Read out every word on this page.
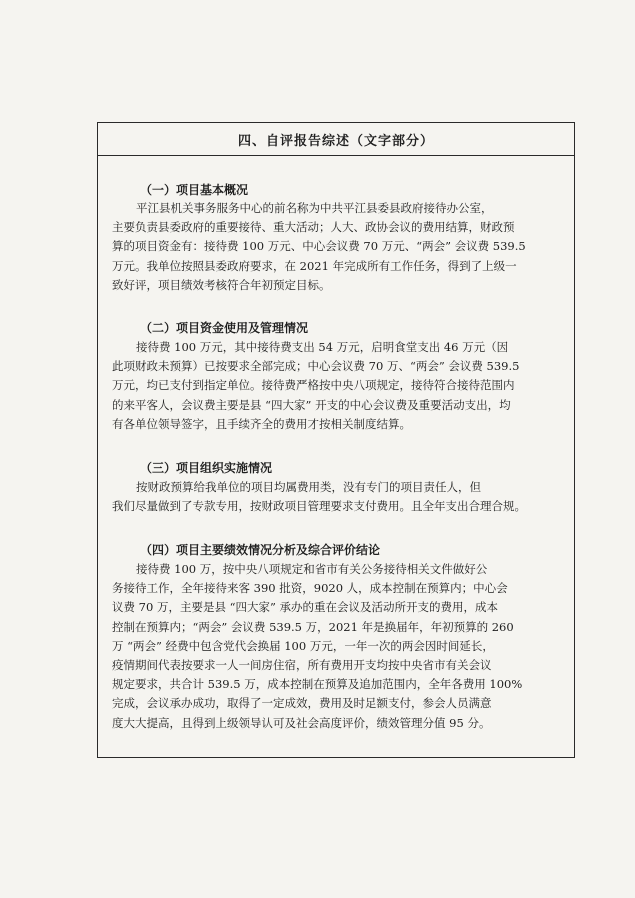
四、自评报告综述（文字部分）
（一）项目基本概况
平江县机关事务服务中心的前名称为中共平江县委县政府接待办公室，
主要负责县委政府的重要接待、重大活动；人大、政协会议的费用结算，财政预
算的项目资金有：接待费 100 万元、中心会议费 70 万元、“两会” 会议费 539.5
万元。我单位按照县委政府要求，在 2021 年完成所有工作任务，得到了上级一
致好评，项目绩效考核符合年初预定目标。
（二）项目资金使用及管理情况
接待费 100 万元，其中接待费支出 54 万元，启明食堂支出 46 万元（因
此项财政未预算）已按要求全部完成；中心会议费 70 万、“两会” 会议费 539.5
万元，均已支付到指定单位。接待费严格按中央八项规定，接待符合接待范围内
的来平客人，会议费主要是县 “四大家” 开支的中心会议费及重要活动支出，均
有各单位领导签字，且手续齐全的费用才按相关制度结算。
（三）项目组织实施情况
按财政预算给我单位的项目均属费用类，没有专门的项目责任人，但
我们尽量做到了专款专用，按财政项目管理要求支付费用。且全年支出合理合规。
（四）项目主要绩效情况分析及综合评价结论
接待费 100 万，按中央八项规定和省市有关公务接待相关文件做好公
务接待工作，全年接待来客 390 批资，9020 人，成本控制在预算内；中心会
议费 70 万，主要是县 “四大家” 承办的重在会议及活动所开支的费用，成本
控制在预算内；“两会” 会议费 539.5 万，2021 年是换届年，年初预算的 260
万 “两会” 经费中包含党代会换届 100 万元，一年一次的两会因时间延长，
疫情期间代表按要求一人一间房住宿，所有费用开支均按中央省市有关会议
规定要求，共合计 539.5 万，成本控制在预算及追加范围内，全年各费用 100%
完成，会议承办成功，取得了一定成效，费用及时足额支付，参会人员满意
度大大提高，且得到上级领导认可及社会高度评价，绩效管理分值 95 分。
